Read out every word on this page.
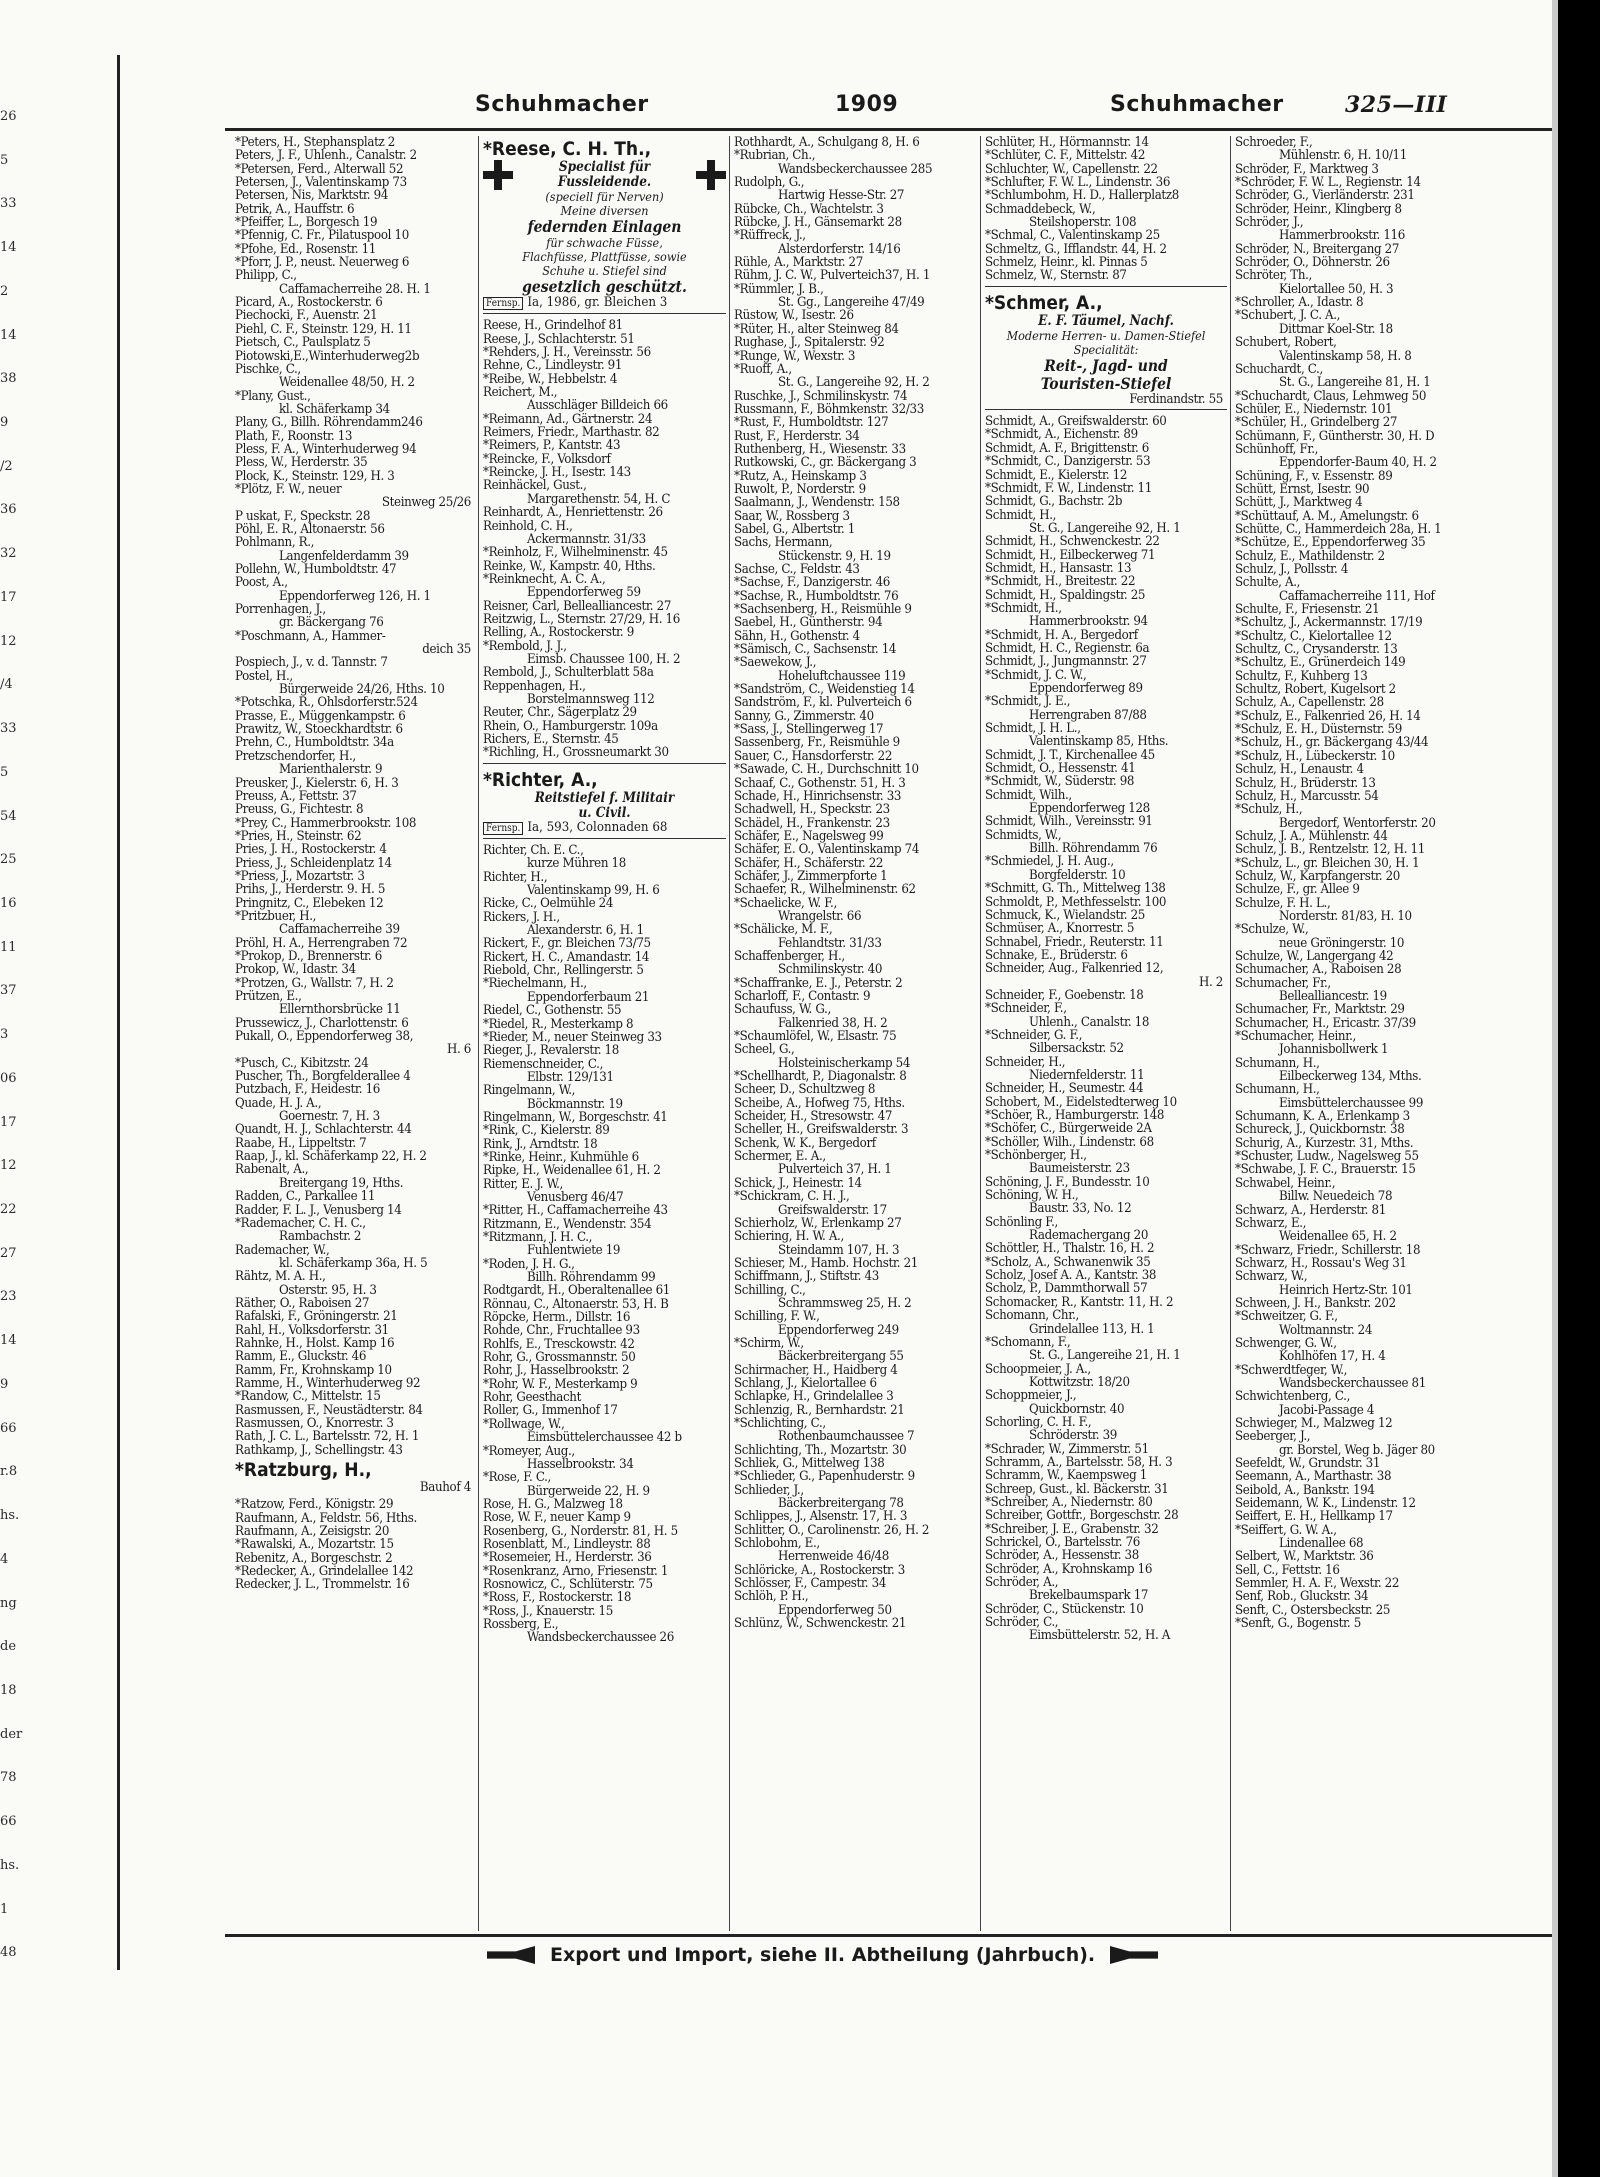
26
5
33
14
2
14
38
9
/2
36
32
17
12
/4
33
5
54
25
16
11
37
3
06
17
12
22
27
23
14
9
66
r.8
hs.
4
ng
de
18
der
78
66
hs.
1
48
Schuhmacher	1909	Schuhmacher	325—III
*Peters, H., Stephansplatz 2
Peters, J. F., Uhlenh., Canalstr. 2
*Petersen, Ferd., Alterwall 52
Petersen, J., Valentinskamp 73
Petersen, Nis, Marktstr. 94
Petrik, A., Hauffstr. 6
*Pfeiffer, L., Borgesch 19
*Pfennig, C. Fr., Pilatuspool 10
*Pfohe, Ed., Rosenstr. 11
*Pforr, J. P., neust. Neuerweg 6
Philipp, C.,
Caffamacherreihe 28. H. 1
Picard, A., Rostockerstr. 6
Piechocki, F., Auenstr. 21
Piehl, C. F., Steinstr. 129, H. 11
Pietsch, C., Paulsplatz 5
Piotowski,E.,Winterhuderweg2b
Pischke, C.,
Weidenallee 48/50, H. 2
*Plany, Gust.,
kl. Schäferkamp 34
Plany, G., Billh. Röhrendamm246
Plath, F., Roonstr. 13
Pless, F. A., Winterhuderweg 94
Pless, W., Herderstr. 35
Plock, K., Steinstr. 129, H. 3
*Plötz, F. W., neuer
Steinweg 25/26
P uskat, F., Speckstr. 28
Pöhl, E. R., Altonaerstr. 56
Pohlmann, R.,
Langenfelderdamm 39
Pollehn, W., Humboldtstr. 47
Poost, A.,
Eppendorferweg 126, H. 1
Porrenhagen, J.,
gr. Bäckergang 76
*Poschmann, A., Hammer-
deich 35
Pospiech, J., v. d. Tannstr. 7
Postel, H.,
Bürgerweide 24/26, Hths. 10
*Potschka, R., Ohlsdorferstr.524
Prasse, E., Müggenkampstr. 6
Prawitz, W., Stoeckhardtstr. 6
Prehn, C., Humboldtstr. 34a
Pretzschendorfer, H.,
Marienthalerstr. 9
Preusker, J., Kielerstr. 6, H. 3
Preuss, A., Fettstr. 37
Preuss, G., Fichtestr. 8
*Prey, C., Hammerbrookstr. 108
*Pries, H., Steinstr. 62
Pries, J. H., Rostockerstr. 4
Priess, J., Schleidenplatz 14
*Priess, J., Mozartstr. 3
Prihs, J., Herderstr. 9. H. 5
Pringnitz, C., Elebeken 12
*Pritzbuer, H.,
Caffamacherreihe 39
Pröhl, H. A., Herrengraben 72
*Prokop, D., Brennerstr. 6
Prokop, W., Idastr. 34
*Protzen, G., Wallstr. 7, H. 2
Prützen, E.,
Ellernthorsbrücke 11
Prussewicz, J., Charlottenstr. 6
Pukall, O., Eppendorferweg 38,
H. 6
*Pusch, C., Kibitzstr. 24
Puscher, Th., Borgfelderallee 4
Putzbach, F., Heidestr. 16
Quade, H. J. A.,
Goernestr. 7, H. 3
Quandt, H. J., Schlachterstr. 44
Raabe, H., Lippeltstr. 7
Raap, J., kl. Schäferkamp 22, H. 2
Rabenalt, A.,
Breitergang 19, Hths.
Radden, C., Parkallee 11
Radder, F. L. J., Venusberg 14
*Rademacher, C. H. C.,
Rambachstr. 2
Rademacher, W.,
kl. Schäferkamp 36a, H. 5
Rähtz, M. A. H.,
Osterstr. 95, H. 3
Räther, O., Raboisen 27
Rafalski, F., Gröningerstr. 21
Rahl, H., Volksdorferstr. 31
Rahnke, H., Holst. Kamp 16
Ramm, E., Gluckstr. 46
Ramm, Fr., Krohnskamp 10
Ramme, H., Winterhuderweg 92
*Randow, C., Mittelstr. 15
Rasmussen, F., Neustädterstr. 84
Rasmussen, O., Knorrestr. 3
Rath, J. C. L., Bartelsstr. 72, H. 1
Rathkamp, J., Schellingstr. 43
*Ratzburg, H.,
Bauhof 4
*Ratzow, Ferd., Königstr. 29
Raufmann, A., Feldstr. 56, Hths.
Raufmann, A., Zeisigstr. 20
*Rawalski, A., Mozartstr. 15
Rebenitz, A., Borgeschstr. 2
*Redecker, A., Grindelallee 142
Redecker, J. L., Trommelstr. 16
*Reese, C. H. Th.,
Specialist für Fussleidende.
(speciell für Nerven)
Meine diversen
federnden Einlagen
für schwache Füsse,
Flachfüsse, Plattfüsse, sowie
Schuhe u. Stiefel sind
gesetzlich geschützt.
Fernsp. Ia, 1986, gr. Bleichen 3
Reese, H., Grindelhof 81
Reese, J., Schlachterstr. 51
*Rehders, J. H., Vereinsstr. 56
Rehne, C., Lindleystr. 91
*Reibe, W., Hebbelstr. 4
Reichert, M.,
Ausschläger Billdeich 66
*Reimann, Ad., Gärtnerstr. 24
Reimers, Friedr., Marthastr. 82
*Reimers, P., Kantstr. 43
*Reincke, F., Volksdorf
*Reincke, J. H., Isestr. 143
Reinhäckel, Gust.,
Margarethenstr. 54, H. C
Reinhardt, A., Henriettenstr. 26
Reinhold, C. H.,
Ackermannstr. 31/33
*Reinholz, F., Wilhelminenstr. 45
Reinke, W., Kampstr. 40, Hths.
*Reinknecht, A. C. A.,
Eppendorferweg 59
Reisner, Carl, Bellealliancestr. 27
Reitzwig, L., Sternstr. 27/29, H. 16
Relling, A., Rostockerstr. 9
*Rembold, J. J.,
Eimsb. Chaussee 100, H. 2
Rembold, J., Schulterblatt 58a
Reppenhagen, H.,
Borstelmannsweg 112
Reuter, Chr., Sägerplatz 29
Rhein, O., Hamburgerstr. 109a
Richers, E., Sternstr. 45
*Richling, H., Grossneumarkt 30
*Richter, A.,
Reitstiefel f. Militair
u. Civil.
Fernsp. Ia, 593, Colonnaden 68
Richter, Ch. E. C.,
kurze Mühren 18
Richter, H.,
Valentinskamp 99, H. 6
Ricke, C., Oelmühle 24
Rickers, J. H.,
Alexanderstr. 6, H. 1
Rickert, F., gr. Bleichen 73/75
Rickert, H. C., Amandastr. 14
Riebold, Chr., Rellingerstr. 5
*Riechelmann, H.,
Eppendorferbaum 21
Riedel, C., Gothenstr. 55
*Riedel, R., Mesterkamp 8
*Rieder, M., neuer Steinweg 33
Rieger, J., Revalerstr. 18
Riemenschneider, C.,
Elbstr. 129/131
Ringelmann, W.,
Böckmannstr. 19
Ringelmann, W., Borgeschstr. 41
*Rink, C., Kielerstr. 89
Rink, J., Arndtstr. 18
*Rinke, Heinr., Kuhmühle 6
Ripke, H., Weidenallee 61, H. 2
Ritter, E. J. W.,
Venusberg 46/47
*Ritter, H., Caffamacherreihe 43
Ritzmann, E., Wendenstr. 354
*Ritzmann, J. H. C.,
Fuhlentwiete 19
*Roden, J. H. G.,
Billh. Röhrendamm 99
Rodtgardt, H., Oberaltenallee 61
Rönnau, C., Altonaerstr. 53, H. B
Röpcke, Herm., Dillstr. 16
Rohde, Chr., Fruchtallee 93
Rohlfs, E., Tresckowstr. 42
Rohr, G., Grossmannstr. 50
Rohr, J., Hasselbrookstr. 2
*Rohr, W. F., Mesterkamp 9
Rohr, Geesthacht
Roller, G., Immenhof 17
*Rollwage, W.,
Eimsbüttelerchaussee 42 b
*Romeyer, Aug.,
Hasselbrookstr. 34
*Rose, F. C.,
Bürgerweide 22, H. 9
Rose, H. G., Malzweg 18
Rose, W. F., neuer Kamp 9
Rosenberg, G., Norderstr. 81, H. 5
Rosenblatt, M., Lindleystr. 88
*Rosemeier, H., Herderstr. 36
*Rosenkranz, Arno, Friesenstr. 1
Rosnowicz, C., Schlüterstr. 75
*Ross, F., Rostockerstr. 18
*Ross, J., Knauerstr. 15
Rossberg, E.,
Wandsbeckerchaussee 26
Rothhardt, A., Schulgang 8, H. 6
*Rubrian, Ch.,
Wandsbeckerchaussee 285
Rudolph, G.,
Hartwig Hesse-Str. 27
Rübcke, Ch., Wachtelstr. 3
Rübcke, J. H., Gänsemarkt 28
*Rüffreck, J.,
Alsterdorferstr. 14/16
Rühle, A., Marktstr. 27
Rühm, J. C. W., Pulverteich37, H. 1
*Rümmler, J. B.,
St. Gg., Langereihe 47/49
Rüstow, W., Isestr. 26
*Rüter, H., alter Steinweg 84
Rughase, J., Spitalerstr. 92
*Runge, W., Wexstr. 3
*Ruoff, A.,
St. G., Langereihe 92, H. 2
Ruschke, J., Schmilinskystr. 74
Russmann, F., Böhmkenstr. 32/33
*Rust, F., Humboldtstr. 127
Rust, F., Herderstr. 34
Ruthenberg, H., Wiesenstr. 33
Rutkowski, C., gr. Bäckergang 3
*Rutz, A., Heinskamp 3
Ruwolt, P., Norderstr. 9
Saalmann, J., Wendenstr. 158
Saar, W., Rossberg 3
Sabel, G., Albertstr. 1
Sachs, Hermann,
Stückenstr. 9, H. 19
Sachse, C., Feldstr. 43
*Sachse, F., Danzigerstr. 46
*Sachse, R., Humboldtstr. 76
*Sachsenberg, H., Reismühle 9
Saebel, H., Güntherstr. 94
Sähn, H., Gothenstr. 4
*Sämisch, C., Sachsenstr. 14
*Saewekow, J.,
Hoheluftchaussee 119
*Sandström, C., Weidenstieg 14
Sandström, F., kl. Pulverteich 6
Sanny, G., Zimmerstr. 40
*Sass, J., Stellingerweg 17
Sassenberg, Fr., Reismühle 9
Sauer, C., Hansdorferstr. 22
*Sawade, C. H., Durchschnitt 10
Schaaf, C., Gothenstr. 51, H. 3
Schade, H., Hinrichsenstr. 33
Schadwell, H., Speckstr. 23
Schädel, H., Frankenstr. 23
Schäfer, E., Nagelsweg 99
Schäfer, E. O., Valentinskamp 74
Schäfer, H., Schäferstr. 22
Schäfer, J., Zimmerpforte 1
Schaefer, R., Wilhelminenstr. 62
*Schaelicke, W. F.,
Wrangelstr. 66
*Schälicke, M. F.,
Fehlandtstr. 31/33
Schaffenberger, H.,
Schmilinskystr. 40
*Schaffranke, E. J., Peterstr. 2
Scharloff, F., Contastr. 9
Schaufuss, W. G.,
Falkenried 38, H. 2
*Schaumlöfel, W., Elsastr. 75
Scheel, G.,
Holsteinischerkamp 54
*Schellhardt, P., Diagonalstr. 8
Scheer, D., Schultzweg 8
Scheibe, A., Hofweg 75, Hths.
Scheider, H., Stresowstr. 47
Scheller, H., Greifswalderstr. 3
Schenk, W. K., Bergedorf
Schermer, E. A.,
Pulverteich 37, H. 1
Schick, J., Heinestr. 14
*Schickram, C. H. J.,
Greifswalderstr. 17
Schierholz, W., Erlenkamp 27
Schiering, H. W. A.,
Steindamm 107, H. 3
Schieser, M., Hamb. Hochstr. 21
Schiffmann, J., Stiftstr. 43
Schilling, C.,
Schrammsweg 25, H. 2
Schilling, F. W.,
Eppendorferweg 249
*Schirm, W.,
Bäckerbreitergang 55
Schirmacher, H., Haidberg 4
Schlang, J., Kielortallee 6
Schlapke, H., Grindelallee 3
Schlenzig, R., Bernhardstr. 21
*Schlichting, C.,
Rothenbaumchaussee 7
Schlichting, Th., Mozartstr. 30
Schliek, G., Mittelweg 138
*Schlieder, G., Papenhuderstr. 9
Schlieder, J.,
Bäckerbreitergang 78
Schlippes, J., Alsenstr. 17, H. 3
Schlitter, O., Carolinenstr. 26, H. 2
Schlobohm, E.,
Herrenweide 46/48
Schlöricke, A., Rostockerstr. 3
Schlösser, F., Campestr. 34
Schlöh, P. H.,
Eppendorferweg 50
Schlünz, W., Schwenckestr. 21
Schlüter, H., Hörmannstr. 14
*Schlüter, C. F., Mittelstr. 42
Schluchter, W., Capellenstr. 22
*Schlufter, F. W. L., Lindenstr. 36
*Schlumbohm, H. D., Hallerplatz8
Schmaddebeck, W.,
Steilshoperstr. 108
*Schmal, C., Valentinskamp 25
Schmeltz, G., Ifflandstr. 44, H. 2
Schmelz, Heinr., kl. Pinnas 5
Schmelz, W., Sternstr. 87
*Schmer, A.,
E. F. Täumel, Nachf.
Moderne Herren- u. Damen-Stiefel
Specialität:
Reit-, Jagd- und
Touristen-Stiefel
Ferdinandstr. 55
Schmidt, A., Greifswalderstr. 60
*Schmidt, A., Eichenstr. 89
Schmidt, A. F., Brigittenstr. 6
*Schmidt, C., Danzigerstr. 53
Schmidt, E., Kielerstr. 12
*Schmidt, F. W., Lindenstr. 11
Schmidt, G., Bachstr. 2b
Schmidt, H.,
St. G., Langereihe 92, H. 1
Schmidt, H., Schwenckestr. 22
Schmidt, H., Eilbeckerweg 71
Schmidt, H., Hansastr. 13
*Schmidt, H., Breitestr. 22
Schmidt, H., Spaldingstr. 25
*Schmidt, H.,
Hammerbrookstr. 94
*Schmidt, H. A., Bergedorf
Schmidt, H. C., Regienstr. 6a
Schmidt, J., Jungmannstr. 27
*Schmidt, J. C. W.,
Eppendorferweg 89
*Schmidt, J. E.,
Herrengraben 87/88
Schmidt, J. H. L.,
Valentinskamp 85, Hths.
Schmidt, J. T., Kirchenallee 45
Schmidt, O., Hessenstr. 41
*Schmidt, W., Süderstr. 98
Schmidt, Wilh.,
Eppendorferweg 128
Schmidt, Wilh., Vereinsstr. 91
Schmidts, W.,
Billh. Röhrendamm 76
*Schmiedel, J. H. Aug.,
Borgfelderstr. 10
*Schmitt, G. Th., Mittelweg 138
Schmoldt, P., Methfesselstr. 100
Schmuck, K., Wielandstr. 25
Schmüser, A., Knorrestr. 5
Schnabel, Friedr., Reuterstr. 11
Schnake, E., Brüderstr. 6
Schneider, Aug., Falkenried 12,
H. 2
Schneider, F., Goebenstr. 18
*Schneider, F.,
Uhlenh., Canalstr. 18
*Schneider, G. F.,
Silbersackstr. 52
Schneider, H.,
Niedernfelderstr. 11
Schneider, H., Seumestr. 44
Schobert, M., Eidelstedterweg 10
*Schöer, R., Hamburgerstr. 148
*Schöfer, C., Bürgerweide 2A
*Schöller, Wilh., Lindenstr. 68
*Schönberger, H.,
Baumeisterstr. 23
Schöning, J. F., Bundesstr. 10
Schöning, W. H.,
Baustr. 33, No. 12
Schönling F.,
Rademachergang 20
Schöttler, H., Thalstr. 16, H. 2
*Scholz, A., Schwanenwik 35
Scholz, Josef A. A., Kantstr. 38
Scholz, P., Dammthorwall 57
Schomacker, R., Kantstr. 11, H. 2
Schomann, Chr.,
Grindelallee 113, H. 1
*Schomann, F.,
St. G., Langereihe 21, H. 1
Schoopmeier, J. A.,
Kottwitzstr. 18/20
Schoppmeier, J.,
Quickbornstr. 40
Schorling, C. H. F.,
Schröderstr. 39
*Schrader, W., Zimmerstr. 51
Schramm, A., Bartelsstr. 58, H. 3
Schramm, W., Kaempsweg 1
Schreep, Gust., kl. Bäckerstr. 31
*Schreiber, A., Niedernstr. 80
Schreiber, Gottfr., Borgeschstr. 28
*Schreiber, J. E., Grabenstr. 32
Schrickel, O., Bartelsstr. 76
Schröder, A., Hessenstr. 38
Schröder, A., Krohnskamp 16
Schröder, A.,
Brekelbaumspark 17
Schröder, C., Stückenstr. 10
Schröder, C.,
Eimsbüttelerstr. 52, H. A
Schroeder, F.,
Mühlenstr. 6, H. 10/11
Schröder, F., Marktweg 3
*Schröder, F. W. L., Regienstr. 14
Schröder, G., Vierländerstr. 231
Schröder, Heinr., Klingberg 8
Schröder, J.,
Hammerbrookstr. 116
Schröder, N., Breitergang 27
Schröder, O., Döhnerstr. 26
Schröter, Th.,
Kielortallee 50, H. 3
*Schroller, A., Idastr. 8
*Schubert, J. C. A.,
Dittmar Koel-Str. 18
Schubert, Robert,
Valentinskamp 58, H. 8
Schuchardt, C.,
St. G., Langereihe 81, H. 1
*Schuchardt, Claus, Lehmweg 50
Schüler, E., Niedernstr. 101
*Schüler, H., Grindelberg 27
Schümann, F., Güntherstr. 30, H. D
Schünhoff, Fr.,
Eppendorfer-Baum 40, H. 2
Schüning, F., v. Essenstr. 89
Schütt, Ernst, Isestr. 90
Schütt, J., Marktweg 4
*Schüttauf, A. M., Amelungstr. 6
Schütte, C., Hammerdeich 28a, H. 1
*Schütze, E., Eppendorferweg 35
Schulz, E., Mathildenstr. 2
Schulz, J., Pollsstr. 4
Schulte, A.,
Caffamacherreihe 111, Hof
Schulte, F., Friesenstr. 21
*Schultz, J., Ackermannstr. 17/19
*Schultz, C., Kielortallee 12
Schultz, C., Crysanderstr. 13
*Schultz, E., Grünerdeich 149
Schultz, F., Kuhberg 13
Schultz, Robert, Kugelsort 2
Schulz, A., Capellenstr. 28
*Schulz, E., Falkenried 26, H. 14
*Schulz, E. H., Düsternstr. 59
*Schulz, H., gr. Bäckergang 43/44
*Schulz, H., Lübeckerstr. 10
Schulz, H., Lenaustr. 4
Schulz, H., Brüderstr. 13
Schulz, H., Marcusstr. 54
*Schulz, H.,
Bergedorf, Wentorferstr. 20
Schulz, J. A., Mühlenstr. 44
Schulz, J. B., Rentzelstr. 12, H. 11
*Schulz, L., gr. Bleichen 30, H. 1
Schulz, W., Karpfangerstr. 20
Schulze, F., gr. Allee 9
Schulze, F. H. L.,
Norderstr. 81/83, H. 10
*Schulze, W.,
neue Gröningerstr. 10
Schulze, W., Langergang 42
Schumacher, A., Raboisen 28
Schumacher, Fr.,
Bellealliancestr. 19
Schumacher, Fr., Marktstr. 29
Schumacher, H., Ericastr. 37/39
*Schumacher, Heinr.,
Johannisbollwerk 1
Schumann, H.,
Eilbeckerweg 134, Mths.
Schumann, H.,
Eimsbüttelerchaussee 99
Schumann, K. A., Erlenkamp 3
Schureck, J., Quickbornstr. 38
Schurig, A., Kurzestr. 31, Mths.
*Schuster, Ludw., Nagelsweg 55
*Schwabe, J. F. C., Brauerstr. 15
Schwabel, Heinr.,
Billw. Neuedeich 78
Schwarz, A., Herderstr. 81
Schwarz, E.,
Weidenallee 65, H. 2
*Schwarz, Friedr., Schillerstr. 18
Schwarz, H., Rossau's Weg 31
Schwarz, W.,
Heinrich Hertz-Str. 101
Schween, J. H., Bankstr. 202
*Schweitzer, G. F.,
Woltmannstr. 24
Schwenger, G. W.,
Kohlhöfen 17, H. 4
*Schwerdtfeger, W.,
Wandsbeckerchaussee 81
Schwichtenberg, C.,
Jacobi-Passage 4
Schwieger, M., Malzweg 12
Seeberger, J.,
gr. Borstel, Weg b. Jäger 80
Seefeldt, W., Grundstr. 31
Seemann, A., Marthastr. 38
Seibold, A., Bankstr. 194
Seidemann, W. K., Lindenstr. 12
Seiffert, E. H., Hellkamp 17
*Seiffert, G. W. A.,
Lindenallee 68
Selbert, W., Marktstr. 36
Sell, C., Fettstr. 16
Semmler, H. A. F., Wexstr. 22
Senf, Rob., Gluckstr. 34
Senft, C., Ostersbeckstr. 25
*Senft, G., Bogenstr. 5
Export und Import, siehe II. Abtheilung (Jahrbuch).
